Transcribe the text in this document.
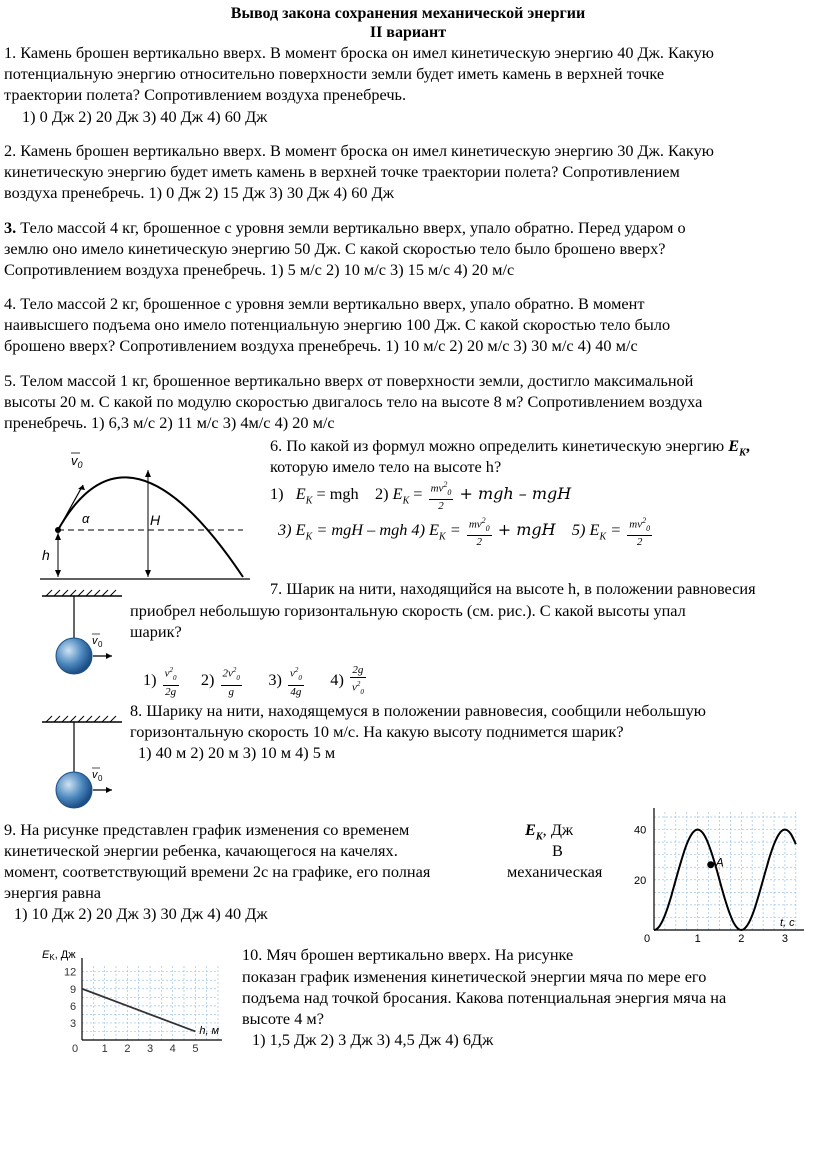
Вывод закона сохранения механической энергии
II вариант
1. Камень брошен вертикально вверх. В момент броска он имел кинетическую энергию 40 Дж. Какую
потенциальную энергию относительно поверхности земли будет иметь камень в верхней точке
траектории полета? Сопротивлением воздуха пренебречь.
1) 0 Дж 2) 20 Дж 3) 40 Дж 4) 60 Дж
2. Камень брошен вертикально вверх. В момент броска он имел кинетическую энергию 30 Дж. Какую
кинетическую энергию будет иметь камень в верхней точке траектории полета? Сопротивлением
воздуха пренебречь. 1) 0 Дж 2) 15 Дж 3) 30 Дж 4) 60 Дж
3. Тело массой 4 кг, брошенное с уровня земли вертикально вверх, упало обратно. Перед ударом о
землю оно имело кинетическую энергию 50 Дж. С какой скоростью тело было брошено вверх?
Сопротивлением воздуха пренебречь. 1) 5 м/с 2) 10 м/с 3) 15 м/с 4) 20 м/с
4. Тело массой 2 кг, брошенное с уровня земли вертикально вверх, упало обратно. В момент
наивысшего подъема оно имело потенциальную энергию 100 Дж. С какой скоростью тело было
брошено вверх? Сопротивлением воздуха пренебречь. 1) 10 м/с 2) 20 м/с 3) 30 м/с 4) 40 м/с
5. Телом массой 1 кг, брошенное вертикально вверх от поверхности земли, достигло максимальной
высоты 20 м. С какой по модулю скоростью двигалось тело на высоте 8 м? Сопротивлением воздуха
пренебречь. 1) 6,3 м/с 2) 11 м/с 3) 4м/с 4) 20 м/с
$v_0$
α	H
h
6. По какой из формул можно определить кинетическую энергию $E_К$,
которую имело тело на высоте h?
1) $E_K$ = mgh 2) $E_K = \frac{mv^2_0}{2}$ + mgh – mgH
3) $E_K$ = mgH – mgh 4) $E_K = \frac{mv^2_0}{2}$ + mgH 5) $E_K = \frac{mv^2_0}{2}$
v 0
7. Шарик на нити, находящийся на высоте h, в положении равновесия
приобрел небольшую горизонтальную скорость (см. рис.). С какой высоты упал
шарик?
$1) \frac{v^2_0}{2g} 2) \frac{2v^2_0}{g} 3) \frac{v^2_0}{4g} 4) \frac{2g}{v^2_0}$
v 0
8. Шарику на нити, находящемуся в положении равновесия, сообщили небольшую
горизонтальную скорость 10 м/с. На какую высоту поднимется шарик?
1) 40 м 2) 20 м 3) 10 м 4) 5 м
9. На рисунке представлен график изменения со временем
кинетической энергии ребенка, качающегося на качелях.
момент, соответствующий времени 2с на графике, его полная
энергия равна
$E_К$, Дж
В
механическая
1) 10 Дж 2) 20 Дж 3) 30 Дж 4) 40 Дж
0	1	2	3
20
40
A
t, c
0 1 2 3 4 5
3
6
9
12
EK, Дж
h, м
10. Мяч брошен вертикально вверх. На рисунке
показан график изменения кинетической энергии мяча по мере его
подъема над точкой бросания. Какова потенциальная энергия мяча на
высоте 4 м?
1) 1,5 Дж 2) 3 Дж 3) 4,5 Дж 4) 6Дж
